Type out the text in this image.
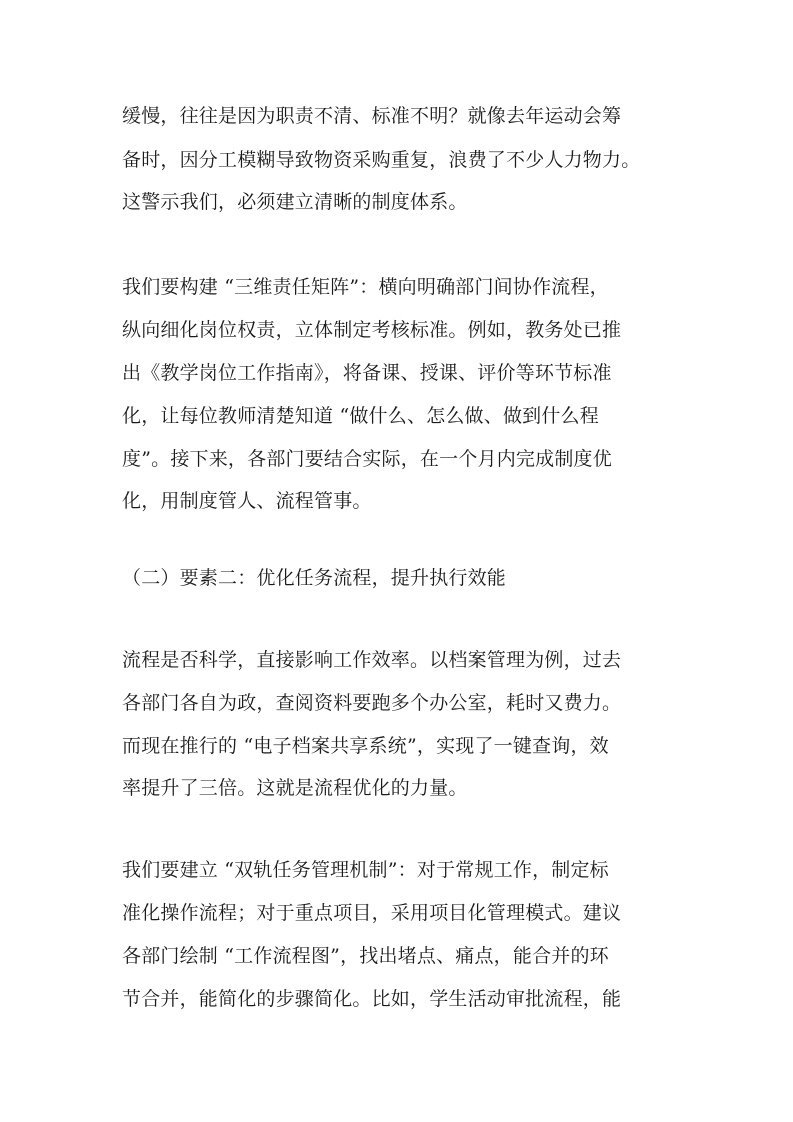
缓慢，往往是因为职责不清、标准不明？就像去年运动会筹
备时，因分工模糊导致物资采购重复，浪费了不少人力物力。
这警示我们，必须建立清晰的制度体系。
我们要构建 “三维责任矩阵”：横向明确部门间协作流程，
纵向细化岗位权责，立体制定考核标准。例如，教务处已推
出《教学岗位工作指南》，将备课、授课、评价等环节标准
化，让每位教师清楚知道 “做什么、怎么做、做到什么程
度”。接下来，各部门要结合实际，在一个月内完成制度优
化，用制度管人、流程管事。
（二）要素二：优化任务流程，提升执行效能
流程是否科学，直接影响工作效率。以档案管理为例，过去
各部门各自为政，查阅资料要跑多个办公室，耗时又费力。
而现在推行的 “电子档案共享系统”，实现了一键查询，效
率提升了三倍。这就是流程优化的力量。
我们要建立 “双轨任务管理机制”：对于常规工作，制定标
准化操作流程；对于重点项目，采用项目化管理模式。建议
各部门绘制 “工作流程图”，找出堵点、痛点，能合并的环
节合并，能简化的步骤简化。比如，学生活动审批流程，能
